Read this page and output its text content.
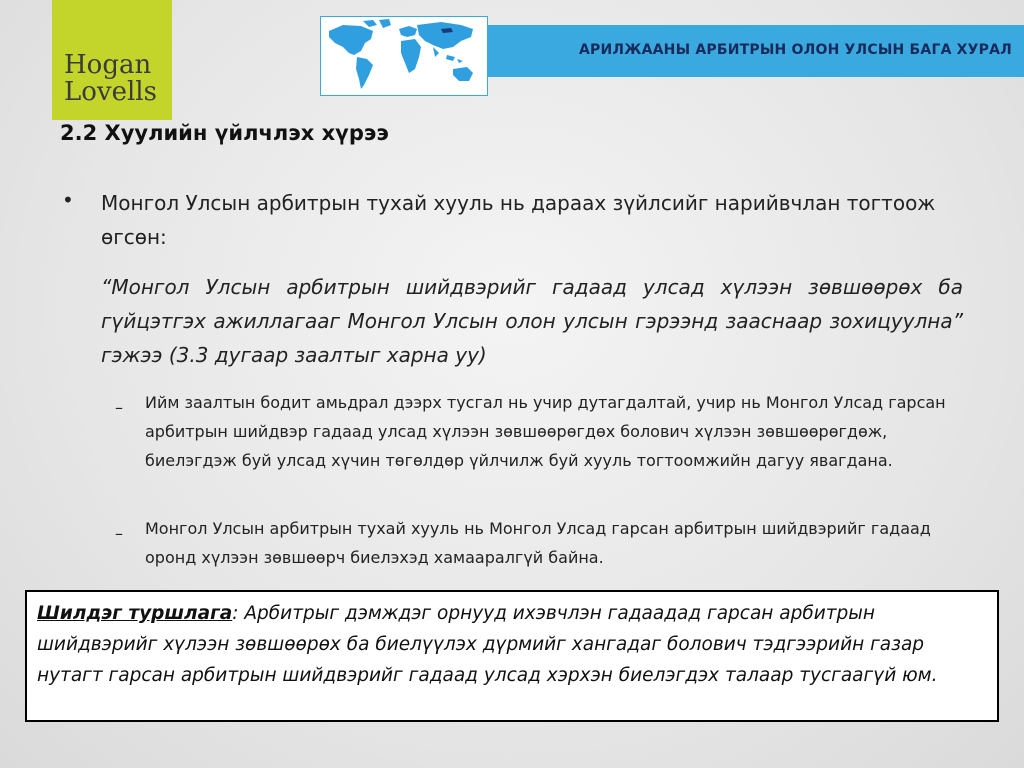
Hogan
Lovells
АРИЛЖААНЫ АРБИТРЫН ОЛОН УЛСЫН БАГА ХУРАЛ
2.2 Хуулийн үйлчлэх хүрээ
• Монгол Улсын арбитрын тухай хууль нь дараах зүйлсийг нарийвчлан тогтоож өгсөн:
“Монгол Улсын арбитрын шийдвэрийг гадаад улсад хүлээн зөвшөөрөх ба гүйцэтгэх ажиллагааг Монгол Улсын олон улсын гэрээнд зааснаар зохицуулна” гэжээ (3.3 дугаар заалтыг харна уу)
– Ийм заалтын бодит амьдрал дээрх тусгал нь учир дутагдалтай, учир нь Монгол Улсад гарсан арбитрын шийдвэр гадаад улсад хүлээн зөвшөөрөгдөх болович хүлээн зөвшөөрөгдөж, биелэгдэж буй улсад хүчин төгөлдөр үйлчилж буй хууль тогтоомжийн дагуу явагдана.
– Монгол Улсын арбитрын тухай хууль нь Монгол Улсад гарсан арбитрын шийдвэрийг гадаад оронд хүлээн зөвшөөрч биелэхэд хамааралгүй байна.
Шилдэг туршлага: Арбитрыг дэмждэг орнууд ихэвчлэн гадаадад гарсан арбитрын шийдвэрийг хүлээн зөвшөөрөх ба биелүүлэх дүрмийг хангадаг болович тэдгээрийн газар нутагт гарсан арбитрын шийдвэрийг гадаад улсад хэрхэн биелэгдэх талаар тусгаагүй юм.
